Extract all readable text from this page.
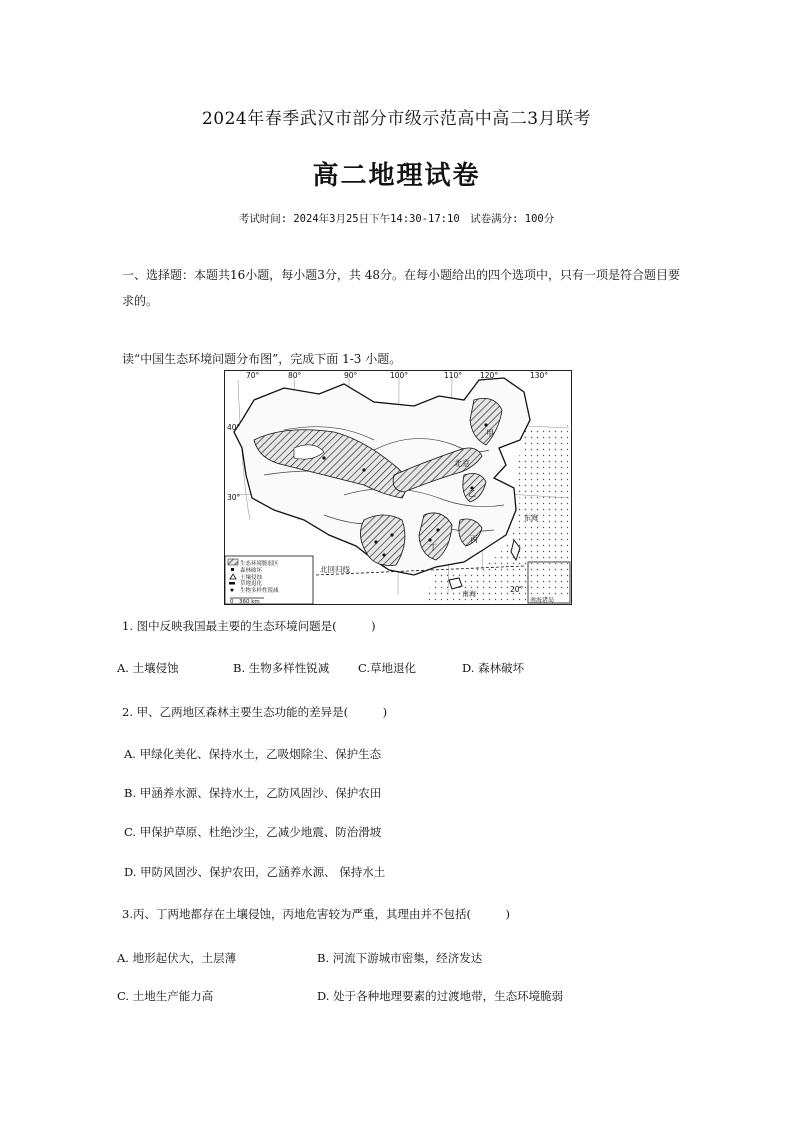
2024年春季武汉市部分市级示范高中高二3月联考
高二地理试卷
考试时间: 2024年3月25日下午14:30-17:10　试卷满分: 100分
一、选择题：本题共16小题，每小题3分，共 48分。在每小题给出的四个选项中，只有一项是符合题目要求的。
读“中国生态环境问题分布图”，完成下面 1-3 小题。
70°	80°	90°	100°	110° 120°	130°
40°
30°
20°
北京
甲
乙
丙
丁
北回归线
东海
南海
南海诸岛
生态环境脆弱区
森林破坏
土壤侵蚀
草地退化
生物多样性锐减
0　360 km
1. 图中反映我国最主要的生态环境问题是(　　　)
A. 土壤侵蚀	B. 生物多样性锐减 C.草地退化	D. 森林破坏
2. 甲、乙两地区森林主要生态功能的差异是(　　　)
A. 甲绿化美化、保持水土，乙吸烟除尘、保护生态
B. 甲涵养水源、保持水土，乙防风固沙、保护农田
C. 甲保护草原、杜绝沙尘，乙减少地震、防治滑坡
D. 甲防风固沙、保护农田，乙涵养水源、 保持水土
3.丙、丁两地都存在土壤侵蚀，丙地危害较为严重，其理由并不包括(　　　)
A. 地形起伏大，土层薄	B. 河流下游城市密集，经济发达
C. 土地生产能力高	D. 处于各种地理要素的过渡地带，生态环境脆弱
